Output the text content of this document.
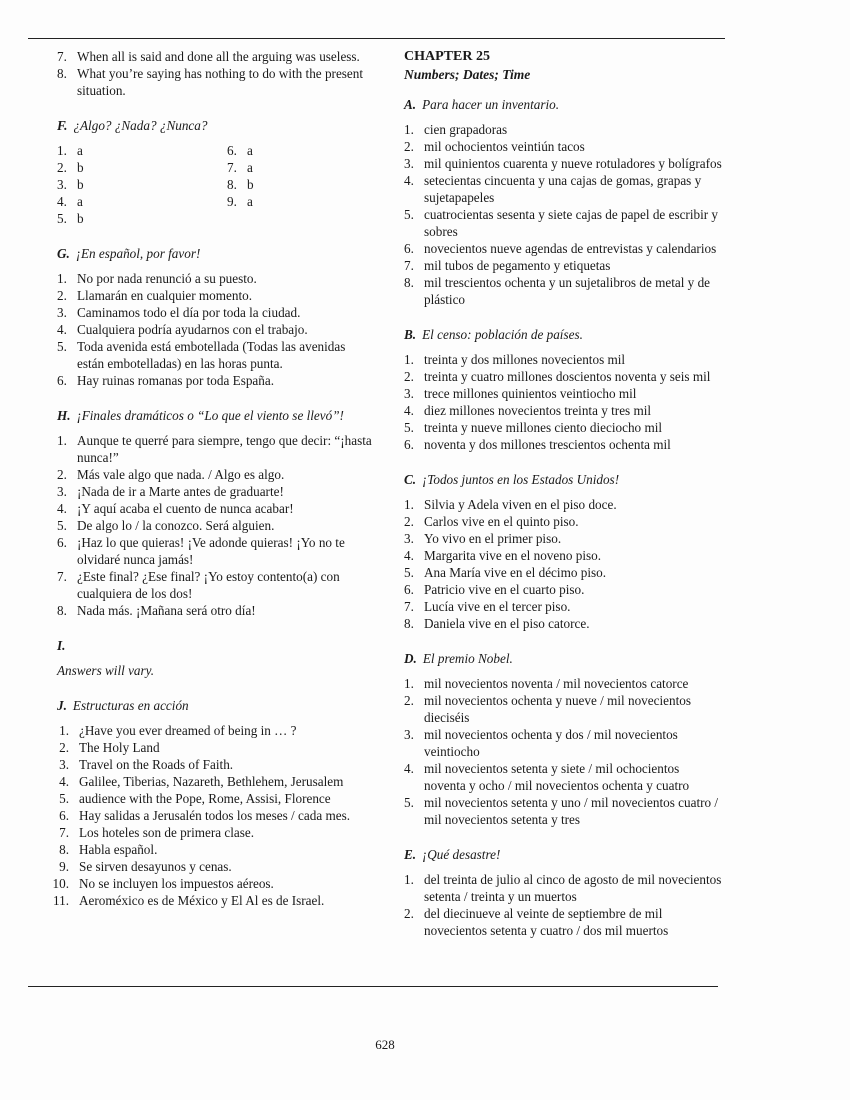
7. When all is said and done all the arguing was useless.
8. What you’re saying has nothing to do with the present situation.
F. ¿Algo? ¿Nada? ¿Nunca?
1. a	6. a
2. b	7. a
3. b	8. b
4. a	9. a
5. b
G. ¡En español, por favor!
1. No por nada renunció a su puesto.
2. Llamarán en cualquier momento.
3. Caminamos todo el día por toda la ciudad.
4. Cualquiera podría ayudarnos con el trabajo.
5. Toda avenida está embotellada (Todas las avenidas están embotelladas) en las horas punta.
6. Hay ruinas romanas por toda España.
H. ¡Finales dramáticos o “Lo que el viento se llevó”!
1. Aunque te querré para siempre, tengo que decir: “¡hasta nunca!”
2. Más vale algo que nada. / Algo es algo.
3. ¡Nada de ir a Marte antes de graduarte!
4. ¡Y aquí acaba el cuento de nunca acabar!
5. De algo lo / la conozco. Será alguien.
6. ¡Haz lo que quieras! ¡Ve adonde quieras! ¡Yo no te olvidaré nunca jamás!
7. ¿Este final? ¿Ese final? ¡Yo estoy contento(a) con cualquiera de los dos!
8. Nada más. ¡Mañana será otro día!
I.
Answers will vary.
J. Estructuras en acción
1. ¿Have you ever dreamed of being in … ?
2. The Holy Land
3. Travel on the Roads of Faith.
4. Galilee, Tiberias, Nazareth, Bethlehem, Jerusalem
5. audience with the Pope, Rome, Assisi, Florence
6. Hay salidas a Jerusalén todos los meses / cada mes.
7. Los hoteles son de primera clase.
8. Habla español.
9. Se sirven desayunos y cenas.
10. No se incluyen los impuestos aéreos.
11. Aeroméxico es de México y El Al es de Israel.
CHAPTER 25
Numbers; Dates; Time
A. Para hacer un inventario.
1. cien grapadoras
2. mil ochocientos veintiún tacos
3. mil quinientos cuarenta y nueve rotuladores y bolígrafos
4. setecientas cincuenta y una cajas de gomas, grapas y sujetapapeles
5. cuatrocientas sesenta y siete cajas de papel de escribir y sobres
6. novecientos nueve agendas de entrevistas y calendarios
7. mil tubos de pegamento y etiquetas
8. mil trescientos ochenta y un sujetalibros de metal y de plástico
B. El censo: población de países.
1. treinta y dos millones novecientos mil
2. treinta y cuatro millones doscientos noventa y seis mil
3. trece millones quinientos veintiocho mil
4. diez millones novecientos treinta y tres mil
5. treinta y nueve millones ciento dieciocho mil
6. noventa y dos millones trescientos ochenta mil
C. ¡Todos juntos en los Estados Unidos!
1. Silvia y Adela viven en el piso doce.
2. Carlos vive en el quinto piso.
3. Yo vivo en el primer piso.
4. Margarita vive en el noveno piso.
5. Ana María vive en el décimo piso.
6. Patricio vive en el cuarto piso.
7. Lucía vive en el tercer piso.
8. Daniela vive en el piso catorce.
D. El premio Nobel.
1. mil novecientos noventa / mil novecientos catorce
2. mil novecientos ochenta y nueve / mil novecientos dieciséis
3. mil novecientos ochenta y dos / mil novecientos veintiocho
4. mil novecientos setenta y siete / mil ochocientos noventa y ocho / mil novecientos ochenta y cuatro
5. mil novecientos setenta y uno / mil novecientos cuatro / mil novecientos setenta y tres
E. ¡Qué desastre!
1. del treinta de julio al cinco de agosto de mil novecientos setenta / treinta y un muertos
2. del diecinueve al veinte de septiembre de mil novecientos setenta y cuatro / dos mil muertos
628
